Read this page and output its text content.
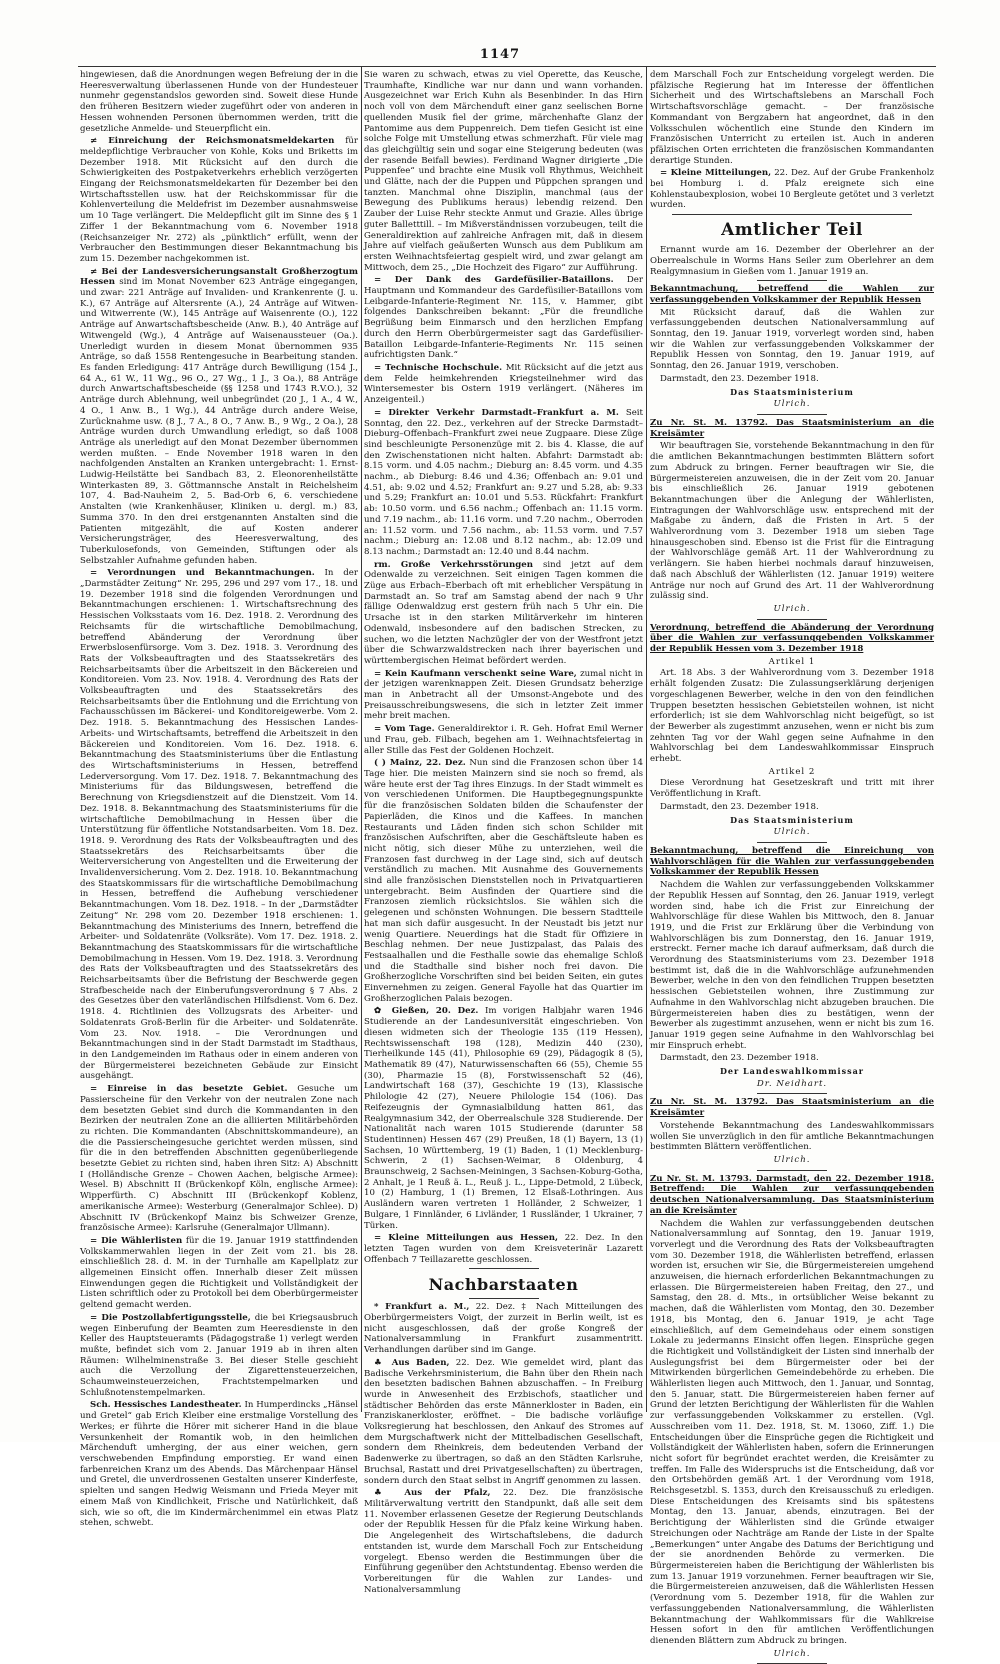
1147

hingewiesen, daß die Anordnungen wegen Befreiung der in die Heeresverwaltung überlassenen Hunde von der Hundesteuer nunmehr gegenstandslos geworden sind. Soweit diese Hunde den früheren Besitzern wieder zugeführt oder von anderen in Hessen wohnenden Personen übernommen werden, tritt die gesetzliche Anmelde- und Steuerpflicht ein.

≠ Einreichung der Reichsmonatsmeldekarten für meldepflichtige Verbraucher von Kohle, Koks und Briketts im Dezember 1918. Mit Rücksicht auf den durch die Schwierigkeiten des Postpaketverkehrs erheblich verzögerten Eingang der Reichsmonatsmeldekarten für Dezember bei den Wirtschaftsstellen usw. hat der Reichskommissar für die Kohlenverteilung die Meldefrist im Dezember ausnahmsweise um 10 Tage verlängert. Die Meldepflicht gilt im Sinne des § 1 Ziffer 1 der Bekanntmachung vom 6. November 1918 (Reichsanzeiger Nr. 272) als „pünktlich“ erfüllt, wenn der Verbraucher den Bestimmungen dieser Bekanntmachung bis zum 15. Dezember nachgekommen ist.

≠ Bei der Landesversicherungsanstalt Großherzogtum Hessen sind im Monat November 623 Anträge eingegangen, und zwar: 221 Anträge auf Invaliden- und Krankenrente (J. u. K.), 67 Anträge auf Altersrente (A.), 24 Anträge auf Witwen- und Witwerrente (W.), 145 Anträge auf Waisenrente (O.), 122 Anträge auf Anwartschaftsbescheide (Anw. B.), 40 Anträge auf Witwengeld (Wg.), 4 Anträge auf Waisenaussteuer (Oa.). Unerledigt wurden in diesem Monat übernommen 935 Anträge, so daß 1558 Rentengesuche in Bearbeitung standen. Es fanden Erledigung: 417 Anträge durch Bewilligung (154 J., 64 A., 61 W., 11 Wg., 96 O., 27 Wg., 1 J., 3 Oa.), 88 Anträge durch Anwartschaftsbescheide (§§ 1258 und 1743 R.V.O.), 32 Anträge durch Ablehnung, weil unbegründet (20 J., 1 A., 4 W., 4 O., 1 Anw. B., 1 Wg.), 44 Anträge durch andere Weise, Zurücknahme usw. (8 J., 7 A., 8 O., 7 Anw. B., 9 Wg., 2 Oa.), 28 Anträge wurden durch Umwandlung erledigt, so daß 1008 Anträge als unerledigt auf den Monat Dezember übernommen werden mußten. – Ende November 1918 waren in den nachfolgenden Anstalten an Kranken untergebracht: 1. Ernst-Ludwig-Heilstätte bei Sandbach 83, 2. Eleonorenheilstätte Winterkasten 89, 3. Göttmannsche Anstalt in Reichelsheim 107, 4. Bad-Nauheim 2, 5. Bad-Orb 6, 6. verschiedene Anstalten (wie Krankenhäuser, Kliniken u. dergl. m.) 83, Summa 370. In den drei erstgenannten Anstalten sind die Patienten mitgezählt, die auf Kosten anderer Versicherungsträger, des Heeresverwaltung, des Tuberkulosefonds, von Gemeinden, Stiftungen oder als Selbstzahler Aufnahme gefunden haben.

= Verordnungen und Bekanntmachungen. In der „Darmstädter Zeitung“ Nr. 295, 296 und 297 vom 17., 18. und 19. Dezember 1918 sind die folgenden Verordnungen und Bekanntmachungen erschienen: 1. Wirtschaftsrechnung des Hessischen Volksstaats vom 16. Dez. 1918. 2. Verordnung des Reichsamts für die wirtschaftliche Demobilmachung, betreffend Abänderung der Verordnung über Erwerbslosenfürsorge. Vom 3. Dez. 1918. 3. Verordnung des Rats der Volksbeauftragten und des Staatssekretärs des Reichsarbeitsamts über die Arbeitszeit in den Bäckereien und Konditoreien. Vom 23. Nov. 1918. 4. Verordnung des Rats der Volksbeauftragten und des Staatssekretärs des Reichsarbeitsamts über die Entlohnung und die Errichtung von Fachausschüssen im Bäckerei- und Konditoreigewerbe. Vom 2. Dez. 1918. 5. Bekanntmachung des Hessischen Landes-Arbeits- und Wirtschaftsamts, betreffend die Arbeitszeit in den Bäckereien und Konditoreien. Vom 16. Dez. 1918. 6. Bekanntmachung des Staatsministeriums über die Entlastung des Wirtschaftsministeriums in Hessen, betreffend Lederversorgung. Vom 17. Dez. 1918. 7. Bekanntmachung des Ministeriums für das Bildungswesen, betreffend die Berechnung von Kriegsdienstzeit auf die Dienstzeit. Vom 14. Dez. 1918. 8. Bekanntmachung des Staatsministeriums für die wirtschaftliche Demobilmachung in Hessen über die Unterstützung für öffentliche Notstandsarbeiten. Vom 18. Dez. 1918. 9. Verordnung des Rats der Volksbeauftragten und des Staatssekretärs des Reichsarbeitsamts über die Weiterversicherung von Angestellten und die Erweiterung der Invalidenversicherung. Vom 2. Dez. 1918. 10. Bekanntmachung des Staatskommissars für die wirtschaftliche Demobilmachung in Hessen, betreffend die Aufhebung verschiedener Bekanntmachungen. Vom 18. Dez. 1918. – In der „Darmstädter Zeitung“ Nr. 298 vom 20. Dezember 1918 erschienen: 1. Bekanntmachung des Ministeriums des Innern, betreffend die Arbeiter- und Soldatenräte (Volksräte). Vom 17. Dez. 1918. 2. Bekanntmachung des Staatskommissars für die wirtschaftliche Demobilmachung in Hessen. Vom 19. Dez. 1918. 3. Verordnung des Rats der Volksbeauftragten und des Staatssekretärs des Reichsarbeitsamts über die Befristung der Beschwerde gegen Strafbescheide nach der Einberufungsverordnung § 7 Abs. 2 des Gesetzes über den vaterländischen Hilfsdienst. Vom 6. Dez. 1918. 4. Richtlinien des Vollzugsrats des Arbeiter- und Soldatenrats Groß-Berlin für die Arbeiter- und Soldatenräte. Vom 23. Nov. 1918. – Die Verordnungen und Bekanntmachungen sind in der Stadt Darmstadt im Stadthaus, in den Landgemeinden im Rathaus oder in einem anderen von der Bürgermeisterei bezeichneten Gebäude zur Einsicht ausgehängt.

= Einreise in das besetzte Gebiet. Gesuche um Passierscheine für den Verkehr von der neutralen Zone nach dem besetzten Gebiet sind durch die Kommandanten in den Bezirken der neutralen Zone an die alliierten Militärbehörden zu richten. Die Kommandanten (Abschnittskommandeure), an die die Passierscheingesuche gerichtet werden müssen, sind für die in den betreffenden Abschnitten gegenüberliegende besetzte Gebiet zu richten sind, haben ihren Sitz: A) Abschnitt I (Holländische Grenze – Chowen Aachen, belgische Armee): Wesel. B) Abschnitt II (Brückenkopf Köln, englische Armee): Wipperfürth. C) Abschnitt III (Brückenkopf Koblenz, amerikanische Armee): Westerburg (Generalmajor Schlee). D) Abschnitt IV (Brückenkopf Mainz bis Schweizer Grenze, französische Armee): Karlsruhe (Generalmajor Ullmann).

= Die Wählerlisten für die 19. Januar 1919 stattfindenden Volkskammerwahlen liegen in der Zeit vom 21. bis 28. einschließlich 28. d. M. in der Turnhalle am Kapellplatz zur allgemeinen Einsicht offen. Innerhalb dieser Zeit müssen Einwendungen gegen die Richtigkeit und Vollständigkeit der Listen schriftlich oder zu Protokoll bei dem Oberbürgermeister geltend gemacht werden.

= Die Postzollabfertigungsstelle, die bei Kriegsausbruch wegen Einberufung der Beamten zum Heeresdienste in den Keller des Hauptsteueramts (Pädagogstraße 1) verlegt werden mußte, befindet sich vom 2. Januar 1919 ab in ihren alten Räumen: Wilhelminenstraße 3. Bei dieser Stelle geschieht auch die Verzollung der Zigarettensteuerzeichen, Schaumweinsteuerzeichen, Frachtstempelmarken und Schlußnotenstempelmarken.

Sch. Hessisches Landestheater. In Humperdincks „Hänsel und Gretel“ gab Erich Kleiber eine erstmalige Vorstellung des Werkes; er führte die Hörer mit sicherer Hand in die blaue Versunkenheit der Romantik wob, in den heimlichen Märchenduft umherging, der aus einer weichen, gern verschwebenden Empfindung emporstieg. Er wand einen farbenreichen Kranz um des Abends. Das Märchenpaar Hänsel und Gretel, die unverdrossenen Gestalten unserer Kinderfeste, spielten und sangen Hedwig Weismann und Frieda Meyer mit einem Maß von Kindlichkeit, Frische und Natürlichkeit, daß sich, wie so oft, die im Kindermärchenimmel ein etwas Platz stehen, schwebt.

Sie waren zu schwach, etwas zu viel Operette, das Keusche, Traumhafte, Kindliche war nur dann und wann vorhanden. Ausgezeichnet war Erich Kuhn als Besenbinder. In das Hirn noch voll von dem Märchenduft einer ganz seelischen Borne quellenden Musik fiel der grime, märchenhafte Glanz der Pantomime aus dem Puppenreich. Dem tiefen Gesicht ist eine solche Folge mit Umstellung etwas schmerzhaft. Für viele mag das gleichgültig sein und sogar eine Steigerung bedeuten (was der rasende Beifall bewies). Ferdinand Wagner dirigierte „Die Puppenfee“ und brachte eine Musik voll Rhythmus, Weichheit und Glätte, nach der die Puppen und Püppchen sprangen und tanzten. Manchmal ohne Disziplin, manchmal (aus der Bewegung des Publikums heraus) lebendig reizend. Den Zauber der Luise Rehr steckte Anmut und Grazie. Alles übrige guter Balletttill. – Im Mißverständnissen vorzubeugen, teilt die Generaldirektion auf zahlreiche Anfragen mit, daß in diesem Jahre auf vielfach geäußerten Wunsch aus dem Publikum am ersten Weihnachtsfeiertag gespielt wird, und zwar gelangt am Mittwoch, dem 25., „Die Hochzeit des Figaro“ zur Aufführung.

= Der Dank des Gardefüsilier-Bataillons. Der Hauptmann und Kommandeur des Gardefüsilier-Bataillons vom Leibgarde-Infanterie-Regiment Nr. 115, v. Hammer, gibt folgendes Dankschreiben bekannt: „Für die freundliche Begrüßung beim Einmarsch und den herzlichen Empfang durch den Herrn Oberbürgermeister sagt das Gardefüsilier-Bataillon Leibgarde-Infanterie-Regiments Nr. 115 seinen aufrichtigsten Dank.“

= Technische Hochschule. Mit Rücksicht auf die jetzt aus dem Felde heimkehrenden Kriegsteilnehmer wird das Wintersemester bis Ostern 1919 verlängert. (Näheres im Anzeigenteil.)

= Direkter Verkehr Darmstadt–Frankfurt a. M. Seit Sonntag, den 22. Dez., verkehren auf der Strecke Darmstadt–Dieburg–Offenbach–Frankfurt zwei neue Zugpaare. Diese Züge sind beschleunigte Personenzüge mit 2. bis 4. Klasse, die auf den Zwischenstationen nicht halten. Abfahrt: Darmstadt ab: 8.15 vorm. und 4.05 nachm.; Dieburg an: 8.45 vorm. und 4.35 nachm., ab Dieburg: 8.46 und 4.36; Offenbach an: 9.01 und 4.51, ab: 9.02 und 4.52; Frankfurt an: 9.27 und 5.28, ab: 9.33 und 5.29; Frankfurt an: 10.01 und 5.53. Rückfahrt: Frankfurt ab: 10.50 vorm. und 6.56 nachm.; Offenbach an: 11.15 vorm. und 7.19 nachm., ab: 11.16 vorm. und 7.20 nachm., Oberroden an: 11.52 vorm. und 7.56 nachm., ab: 11.53 vorm. und 7.57 nachm.; Dieburg an: 12.08 und 8.12 nachm., ab: 12.09 und 8.13 nachm.; Darmstadt an: 12.40 und 8.44 nachm.

rm. Große Verkehrsstörungen sind jetzt auf dem Odenwalde zu verzeichnen. Seit einigen Tagen kommen die Züge aus Erbach–Eberbach oft mit erheblicher Verspätung in Darmstadt an. So traf am Samstag abend der nach 9 Uhr fällige Odenwaldzug erst gestern früh nach 5 Uhr ein. Die Ursache ist in den starken Militärverkehr im hinteren Odenwald, insbesondere auf den badischen Strecken, zu suchen, wo die letzten Nachzügler der von der Westfront jetzt über die Schwarzwaldstrecken nach ihrer bayerischen und württembergischen Heimat befördert werden.

= Kein Kaufmann verschenkt seine Ware, zumal nicht in der jetzigen warenknappen Zeit. Diesen Grundsatz beherzige man in Anbetracht all der Umsonst-Angebote und des Preisausschreibungswesens, die sich in letzter Zeit immer mehr breit machen.

= Vom Tage. Generaldirektor i. R. Geh. Hofrat Emil Werner und Frau, geb. Filbach, begehen am 1. Weihnachtsfeiertag in aller Stille das Fest der Goldenen Hochzeit.

( ) Mainz, 22. Dez. Nun sind die Franzosen schon über 14 Tage hier. Die meisten Mainzern sind sie noch so fremd, als wäre heute erst der Tag ihres Einzugs. In der Stadt wimmelt es von verschiedenen Uniformen. Die Hauptbegegnungspunkte für die französischen Soldaten bilden die Schaufenster der Papierläden, die Kinos und die Kaffees. In manchen Restaurants und Läden finden sich schon Schilder mit französischen Aufschriften, aber die Geschäftsleute haben es nicht nötig, sich dieser Mühe zu unterziehen, weil die Franzosen fast durchweg in der Lage sind, sich auf deutsch verständlich zu machen. Mit Ausnahme des Gouvernements sind alle französischen Dienststellen noch in Privatquartieren untergebracht. Beim Ausfinden der Quartiere sind die Franzosen ziemlich rücksichtslos. Sie wählen sich die gelegenen und schönsten Wohnungen. Die bessern Stadtteile hat man sich dafür ausgesucht. In der Neustadt bis jetzt nur wenig Quartiere. Neuerdings hat die Stadt für Offiziere in Beschlag nehmen. Der neue Justizpalast, das Palais des Festsaalhallen und die Festhalle sowie das ehemalige Schloß und die Stadthalle sind bisher noch frei davon. Die Großherzogliche Vorschriften sind bei beiden Seiten, ein gutes Einvernehmen zu zeigen. General Fayolle hat das Quartier im Großherzoglichen Palais bezogen.

✿ Gießen, 20. Dez. Im vorigen Halbjahr waren 1946 Studierende an der Landesuniversität eingeschrieben. Von diesen widmeten sich der Theologie 135 (119 Hessen), Rechtswissenschaft 198 (128), Medizin 440 (230), Tierheilkunde 145 (41), Philosophie 69 (29), Pädagogik 8 (5), Mathematik 89 (47), Naturwissenschaften 66 (55), Chemie 55 (30), Pharmazie 15 (8), Forstwissenschaft 52 (46), Landwirtschaft 168 (37), Geschichte 19 (13), Klassische Philologie 42 (27), Neuere Philologie 154 (106). Das Reifezeugnis der Gymnasialbildung hatten 861, das Realgymnasium 342, der Oberrealschule 328 Studierende. Der Nationalität nach waren 1015 Studierende (darunter 58 Studentinnen) Hessen 467 (29) Preußen, 18 (1) Bayern, 13 (1) Sachsen, 10 Württemberg, 19 (1) Baden, 1 (1) Mecklenburg-Schwerin, 2 (1) Sachsen-Weimar, 8 Oldenburg, 4 Braunschweig, 2 Sachsen-Meiningen, 3 Sachsen-Koburg-Gotha, 2 Anhalt, je 1 Reuß ä. L., Reuß j. L., Lippe-Detmold, 2 Lübeck, 10 (2) Hamburg, 1 (1) Bremen, 12 Elsaß-Lothringen. Aus Ausländern waren vertreten 1 Holländer, 2 Schweizer, 1 Bulgare, 1 Finnländer, 6 Livländer, 1 Russländer, 1 Ukrainer, 7 Türken.

= Kleine Mitteilungen aus Hessen, 22. Dez. In den letzten Tagen wurden von dem Kreisveterinär Lazarett Offenbach 7 Teillazarette geschlossen.

Nachbarstaaten

* Frankfurt a. M., 22. Dez. ‡ Nach Mitteilungen des Oberbürgermeisters Voigt, der zurzeit in Berlin weilt, ist es nicht ausgeschlossen, daß der große Kongreß der Nationalversammlung in Frankfurt zusammentritt. Verhandlungen darüber sind im Gange.

♣ Aus Baden, 22. Dez. Wie gemeldet wird, plant das Badische Verkehrsministerium, die Bahn über den Rhein nach den besetzten badischen Bahnen abzuschaffen. – In Freiburg wurde in Anwesenheit des Erzbischofs, staatlicher und städtischer Behörden das erste Männerkloster in Baden, ein Franziskanerkloster, eröffnet. – Die badische vorläufige Volksregierung hat beschlossen, den Ankauf des Stromes auf dem Murgschaftwerk nicht der Mittelbadischen Gesellschaft, sondern dem Rheinkreis, dem bedeutenden Verband der Badenwerke zu übertragen, so daß an den Städten Karlsruhe, Bruchsal, Rastatt und drei Privatgesellschaften) zu übertragen, sondern durch den Staat selbst in Angriff genommen zu lassen.

♣ Aus der Pfalz, 22. Dez. Die französische Militärverwaltung vertritt den Standpunkt, daß alle seit dem 11. November erlassenen Gesetze der Regierung Deutschlands oder der Republik Hessen für die Pfalz keine Wirkung haben. Die Angelegenheit des Wirtschaftslebens, die dadurch entstanden ist, wurde dem Marschall Foch zur Entscheidung vorgelegt. Ebenso werden die Bestimmungen über die Einführung gegenüber den Achtstundentag. Ebenso werden die Vorbereitungen für die Wahlen zur Landes- und Nationalversammlung

dem Marschall Foch zur Entscheidung vorgelegt werden. Die pfälzische Regierung hat im Interesse der öffentlichen Sicherheit und des Wirtschaftslebens an Marschall Foch Wirtschaftsvorschläge gemacht. – Der französische Kommandant von Bergzabern hat angeordnet, daß in den Volksschulen wöchentlich eine Stunde den Kindern im Französischen Unterricht zu erteilen ist. Auch in anderen pfälzischen Orten errichteten die französischen Kommandanten derartige Stunden.

= Kleine Mitteilungen, 22. Dez. Auf der Grube Frankenholz bei Homburg i. d. Pfalz ereignete sich eine Kohlenstaubexplosion, wobei 10 Bergleute getötet und 3 verletzt wurden.

Amtlicher Teil

Ernannt wurde am 16. Dezember der Oberlehrer an der Oberrealschule in Worms Hans Seiler zum Oberlehrer an dem Realgymnasium in Gießen vom 1. Januar 1919 an.

Bekanntmachung, betreffend die Wahlen zur verfassunggebenden Volkskammer der Republik Hessen

Mit Rücksicht darauf, daß die Wahlen zur verfassunggebenden deutschen Nationalversammlung auf Sonntag, den 19. Januar 1919, vorverlegt worden sind, haben wir die Wahlen zur verfassunggebenden Volkskammer der Republik Hessen von Sonntag, den 19. Januar 1919, auf Sonntag, den 26. Januar 1919, verschoben.

Darmstadt, den 23. Dezember 1918.

Das Staatsministerium

Ulrich.

Zu Nr. St. M. 13792. Das Staatsministerium an die Kreisämter

Wir beauftragen Sie, vorstehende Bekanntmachung in den für die amtlichen Bekanntmachungen bestimmten Blättern sofort zum Abdruck zu bringen. Ferner beauftragen wir Sie, die Bürgermeistereien anzuweisen, die in der Zeit vom 20. Januar bis einschließlich 26. Januar 1919 gebotenen Bekanntmachungen über die Anlegung der Wählerlisten, Eintragungen der Wahlvorschläge usw. entsprechend mit der Maßgabe zu ändern, daß die Fristen in Art. 5 der Wahlverordnung vom 3. Dezember 1918 um sieben Tage hinausgeschoben sind. Ebenso ist die Frist für die Eintragung der Wahlvorschläge gemäß Art. 11 der Wahlverordnung zu verlängern. Sie haben hierbei nochmals darauf hinzuweisen, daß nach Abschluß der Wählerlisten (12. Januar 1919) weitere Anträge nur noch auf Grund des Art. 11 der Wahlverordnung zulässig sind.

Ulrich.

Verordnung, betreffend die Abänderung der Verordnung über die Wahlen zur verfassunggebenden Volkskammer der Republik Hessen vom 3. Dezember 1918

Artikel 1

Art. 18 Abs. 3 der Wahlverordnung vom 3. Dezember 1918 erhält folgenden Zusatz: Die Zulassungserklärung derjenigen vorgeschlagenen Bewerber, welche in den von den feindlichen Truppen besetzten hessischen Gebietsteilen wohnen, ist nicht erforderlich; ist sie dem Wahlvorschlag nicht beigefügt, so ist der Bewerber als zugestimmt anzusehen, wenn er nicht bis zum zehnten Tag vor der Wahl gegen seine Aufnahme in den Wahlvorschlag bei dem Landeswahlkommissar Einspruch erhebt.

Artikel 2

Diese Verordnung hat Gesetzeskraft und tritt mit ihrer Veröffentlichung in Kraft.

Darmstadt, den 23. Dezember 1918.

Das Staatsministerium

Ulrich.

Bekanntmachung, betreffend die Einreichung von Wahlvorschlägen für die Wahlen zur verfassunggebenden Volkskammer der Republik Hessen

Nachdem die Wahlen zur verfassunggebenden Volkskammer der Republik Hessen auf Sonntag, den 26. Januar 1919, verlegt worden sind, habe ich die Frist zur Einreichung der Wahlvorschläge für diese Wahlen bis Mittwoch, den 8. Januar 1919, und die Frist zur Erklärung über die Verbindung von Wahlvorschlägen bis zum Donnerstag, den 16. Januar 1919, erstreckt. Ferner mache ich darauf aufmerksam, daß durch die Verordnung des Staatsministeriums vom 23. Dezember 1918 bestimmt ist, daß die in die Wahlvorschläge aufzunehmenden Bewerber, welche in den von den feindlichen Truppen besetzten hessischen Gebietsteilen wohnen, ihre Zustimmung zur Aufnahme in den Wahlvorschlag nicht abzugeben brauchen. Die Bürgermeistereien haben dies zu bestätigen, wenn der Bewerber als zugestimmt anzusehen, wenn er nicht bis zum 16. Januar 1919 gegen seine Aufnahme in den Wahlvorschlag bei mir Einspruch erhebt.

Darmstadt, den 23. Dezember 1918.

Der Landeswahlkommissar

Dr. Neidhart.

Zu Nr. St. M. 13792. Das Staatsministerium an die Kreisämter

Vorstehende Bekanntmachung des Landeswahlkommissars wollen Sie unverzüglich in den für amtliche Bekanntmachungen bestimmten Blättern veröffentlichen.

Ulrich.

Zu Nr. St. M. 13793. Darmstadt, den 22. Dezember 1918. Betreffend: Die Wahlen zur verfassunggebenden deutschen Nationalversammlung. Das Staatsministerium an die Kreisämter

Nachdem die Wahlen zur verfassunggebenden deutschen Nationalversammlung auf Sonntag, den 19. Januar 1919, vorverlegt und die Verordnung des Rats der Volksbeauftragten vom 30. Dezember 1918, die Wählerlisten betreffend, erlassen worden ist, ersuchen wir Sie, die Bürgermeistereien umgehend anzuweisen, die hiernach erforderlichen Bekanntmachungen zu erlassen. Die Bürgermeistereien haben Freitag, den 27., und Samstag, den 28. d. Mts., in ortsüblicher Weise bekannt zu machen, daß die Wählerlisten vom Montag, den 30. Dezember 1918, bis Montag, den 6. Januar 1919, je acht Tage einschließlich, auf dem Gemeindehaus oder einem sonstigen Lokale zu jedermanns Einsicht offen liegen. Einsprüche gegen die Richtigkeit und Vollständigkeit der Listen sind innerhalb der Auslegungsfrist bei dem Bürgermeister oder bei der Mitwirkenden bürgerlichen Gemeindebehörde zu erheben. Die Wählerlisten liegen auch Mittwoch, den 1. Januar, und Sonntag, den 5. Januar, statt. Die Bürgermeistereien haben ferner auf Grund der letzten Berichtigung der Wählerlisten für die Wahlen zur verfassunggebenden Volkskammer zu erstellen. (Vgl. Ausschreiben vom 11. Dez. 1918, St. M. 13060, Ziff. 1.) Die Entscheidungen über die Einsprüche gegen die Richtigkeit und Vollständigkeit der Wählerlisten haben, sofern die Erinnerungen nicht sofort für begründet erachtet werden, die Kreisämter zu treffen. Im Falle des Widerspruchs ist die Entscheidung, daß vor den Ortsbehörden gemäß Art. 1 der Verordnung vom 1918, Reichsgesetzbl. S. 1353, durch den Kreisausschuß zu erledigen. Diese Entscheidungen des Kreisamts sind bis spätestens Montag, den 13. Januar, abends, einzutragen. Bei der Berichtigung der Wählerlisten sind die Gründe etwaiger Streichungen oder Nachträge am Rande der Liste in der Spalte „Bemerkungen“ unter Angabe des Datums der Berichtigung und der sie anordnenden Behörde zu vermerken. Die Bürgermeistereien haben die Berichtigung der Wählerlisten bis zum 13. Januar 1919 vorzunehmen. Ferner beauftragen wir Sie, die Bürgermeistereien anzuweisen, daß die Wählerlisten Hessen (Verordnung vom 5. Dezember 1918, für die Wahlen zur verfassunggebenden Nationalversammlung, die Wählerlisten Bekanntmachung der Wahlkommissars für die Wahlkreise Hessen sofort in den für amtlichen Veröffentlichungen dienenden Blättern zum Abdruck zu bringen.

Ulrich.
